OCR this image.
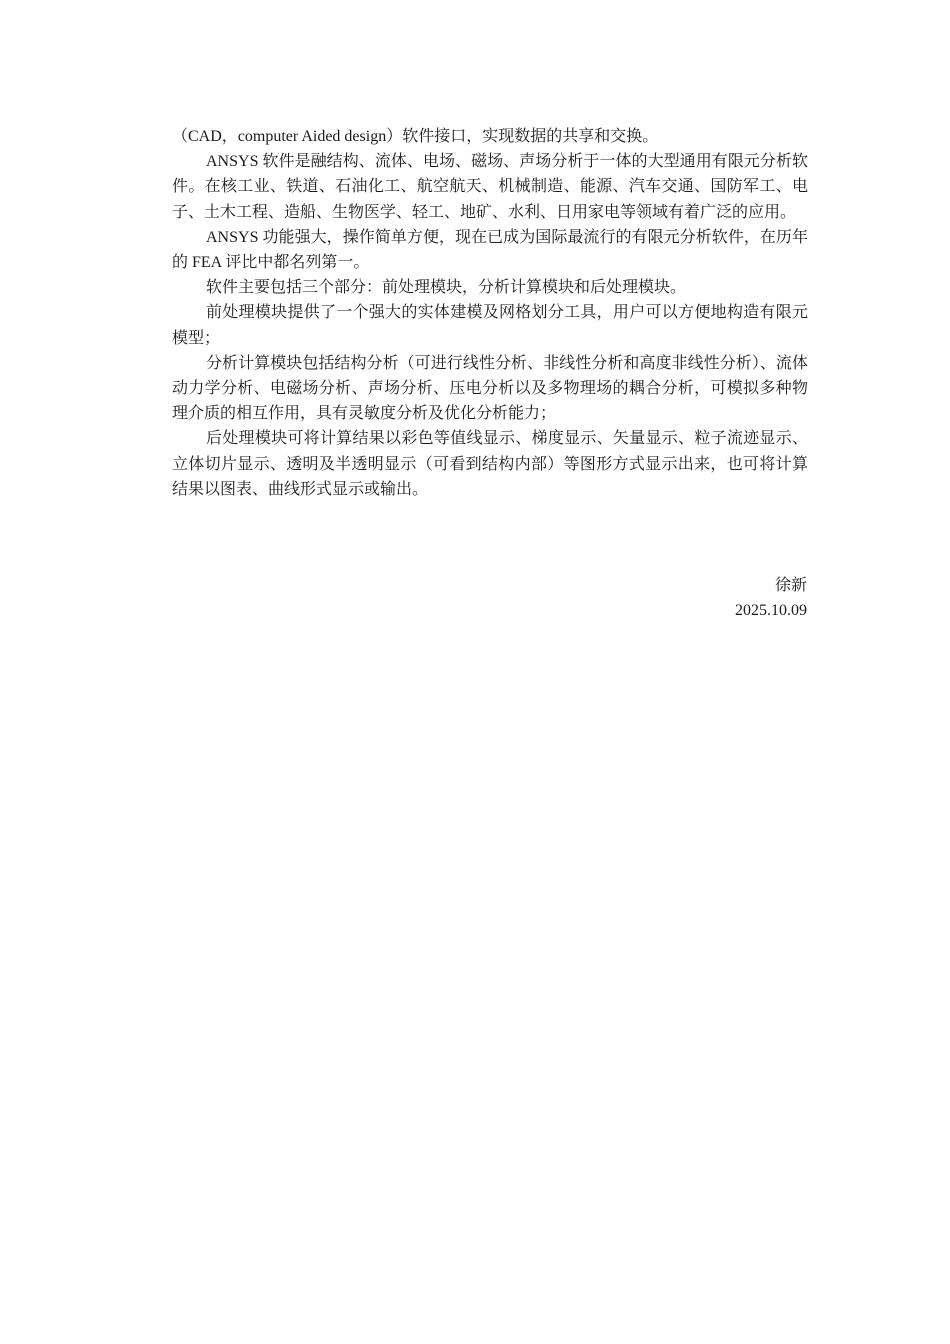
（CAD，computer Aided design）软件接口，实现数据的共享和交换。

ANSYS 软件是融结构、流体、电场、磁场、声场分析于一体的大型通用有限元分析软件。在核工业、铁道、石油化工、航空航天、机械制造、能源、汽车交通、国防军工、电子、土木工程、造船、生物医学、轻工、地矿、水利、日用家电等领域有着广泛的应用。

ANSYS 功能强大，操作简单方便，现在已成为国际最流行的有限元分析软件，在历年的 FEA 评比中都名列第一。

软件主要包括三个部分：前处理模块，分析计算模块和后处理模块。

前处理模块提供了一个强大的实体建模及网格划分工具，用户可以方便地构造有限元模型；

分析计算模块包括结构分析（可进行线性分析、非线性分析和高度非线性分析）、流体动力学分析、电磁场分析、声场分析、压电分析以及多物理场的耦合分析，可模拟多种物理介质的相互作用，具有灵敏度分析及优化分析能力；

后处理模块可将计算结果以彩色等值线显示、梯度显示、矢量显示、粒子流迹显示、立体切片显示、透明及半透明显示（可看到结构内部）等图形方式显示出来，也可将计算结果以图表、曲线形式显示或输出。

徐新
2025.10.09
